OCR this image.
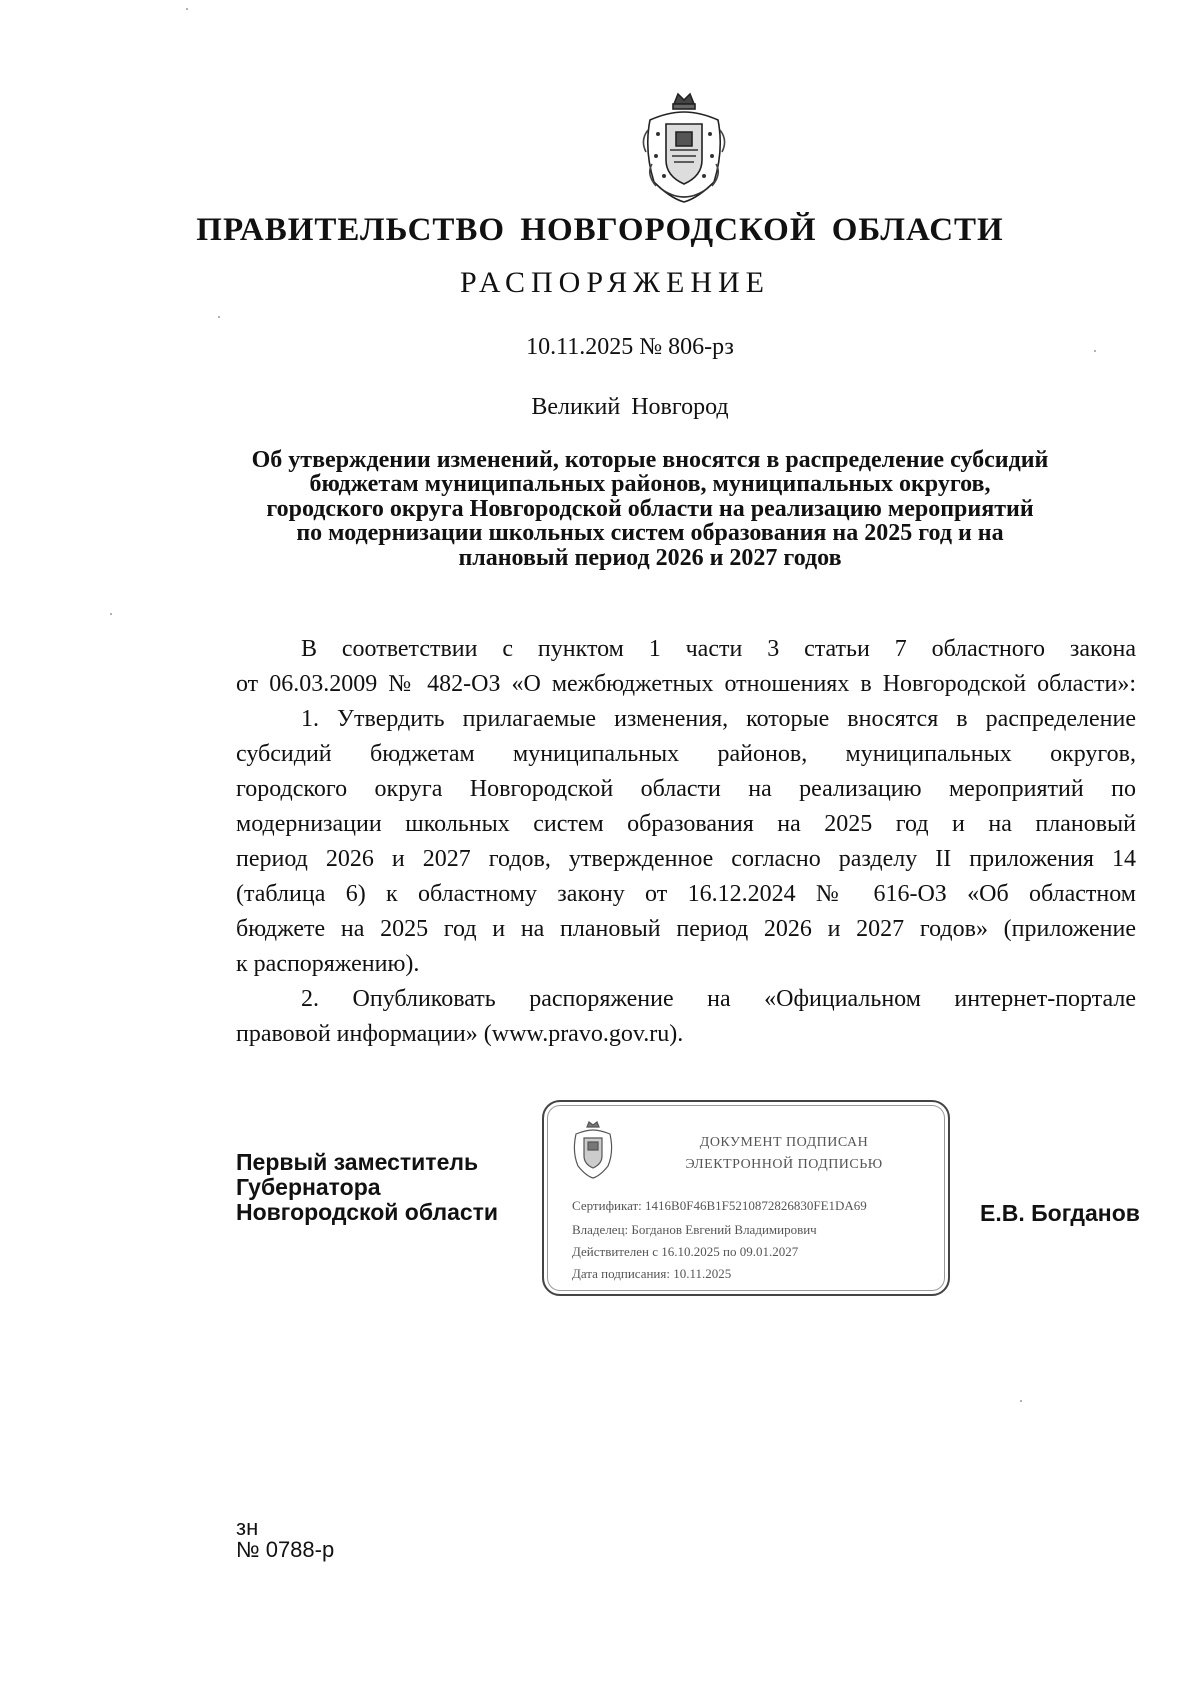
ПРАВИТЕЛЬСТВО НОВГОРОДСКОЙ ОБЛАСТИ
РАСПОРЯЖЕНИЕ
10.11.2025 № 806-рз
Великий Новгород
Об утверждении изменений, которые вносятся в распределение субсидий
бюджетам муниципальных районов, муниципальных округов,
городского округа Новгородской области на реализацию мероприятий
по модернизации школьных систем образования на 2025 год и на
плановый период 2026 и 2027 годов
В соответствии с пунктом 1 части 3 статьи 7 областного закона
от 06.03.2009 № 482-ОЗ «О межбюджетных отношениях в Новгородской области»:
1. Утвердить прилагаемые изменения, которые вносятся в распределение
субсидий бюджетам муниципальных районов, муниципальных округов,
городского округа Новгородской области на реализацию мероприятий по
модернизации школьных систем образования на 2025 год и на плановый
период 2026 и 2027 годов, утвержденное согласно разделу II приложения 14
(таблица 6) к областному закону от 16.12.2024 № 616-ОЗ «Об областном
бюджете на 2025 год и на плановый период 2026 и 2027 годов» (приложение
к распоряжению).
2. Опубликовать распоряжение на «Официальном интернет-портале
правовой информации» (www.pravo.gov.ru).
Первый заместитель
Губернатора
Новгородской области
ДОКУМЕНТ ПОДПИСАН
ЭЛЕКТРОННОЙ ПОДПИСЬЮ
Сертификат: 1416B0F46B1F5210872826830FE1DA69
Владелец: Богданов Евгений Владимирович
Действителен с 16.10.2025 по 09.01.2027
Дата подписания: 10.11.2025
Е.В. Богданов
зн
№ 0788-р
